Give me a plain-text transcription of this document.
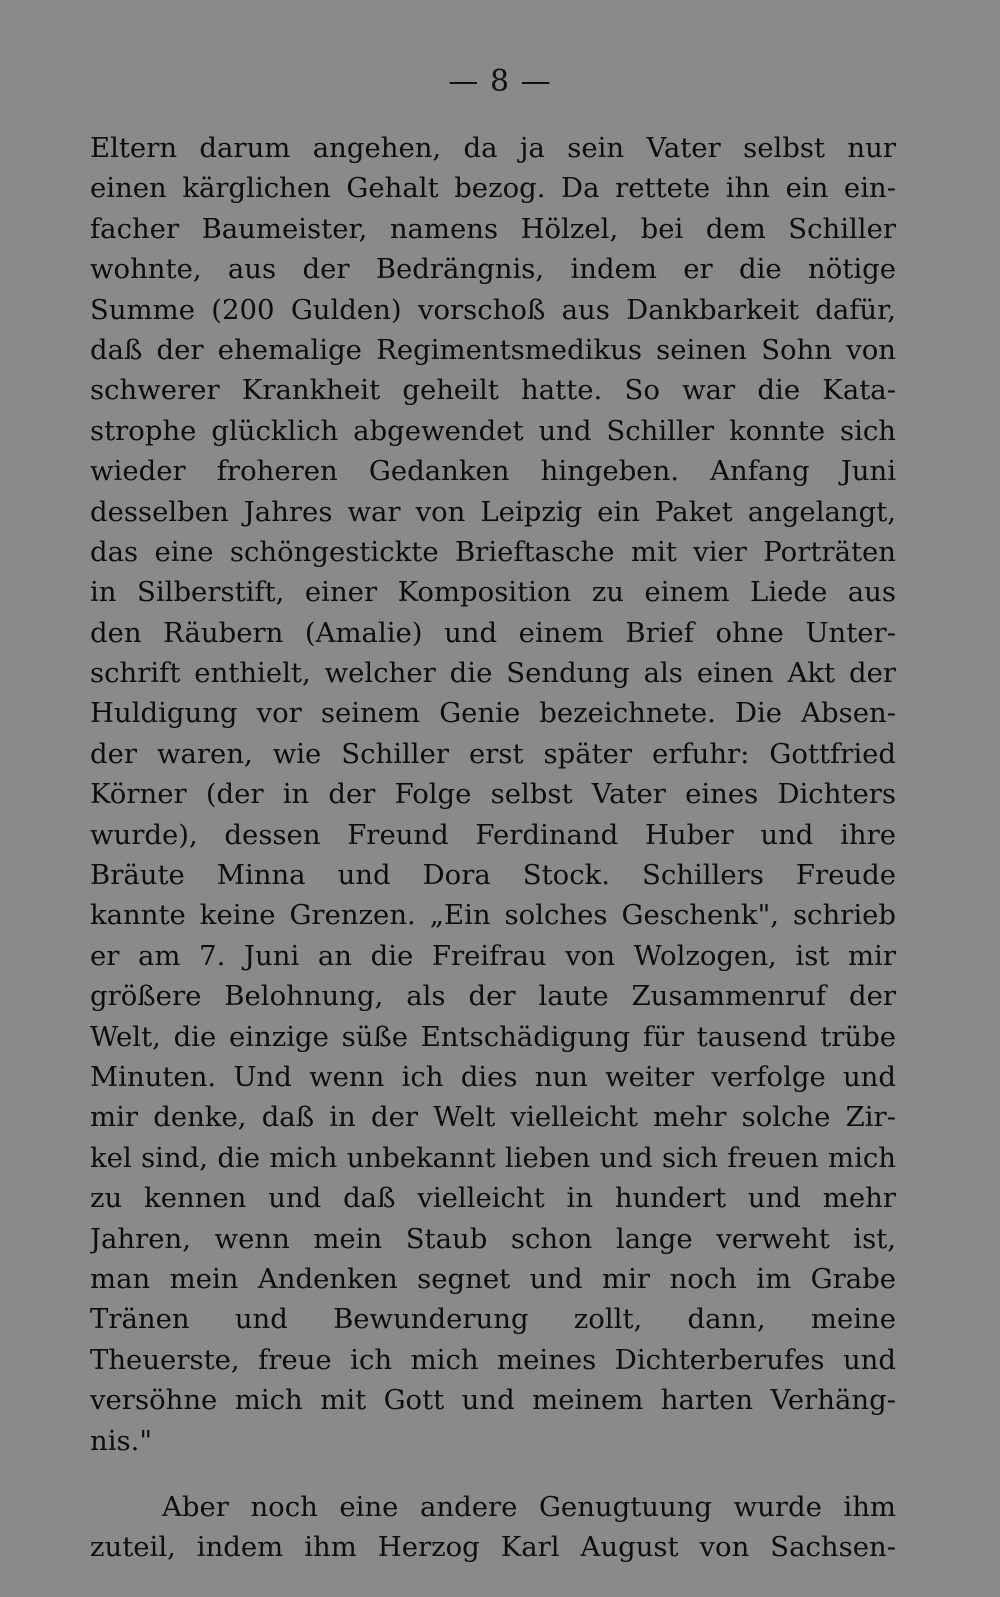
— 8 —
Eltern darum angehen, da ja sein Vater selbst nur
einen kärglichen Gehalt bezog. Da rettete ihn ein ein-
facher Baumeister, namens Hölzel, bei dem Schiller
wohnte, aus der Bedrängnis, indem er die nötige
Summe (200 Gulden) vorschoß aus Dankbarkeit dafür,
daß der ehemalige Regimentsmedikus seinen Sohn von
schwerer Krankheit geheilt hatte. So war die Kata-
strophe glücklich abgewendet und Schiller konnte sich
wieder froheren Gedanken hingeben. Anfang Juni
desselben Jahres war von Leipzig ein Paket angelangt,
das eine schöngestickte Brieftasche mit vier Porträten
in Silberstift, einer Komposition zu einem Liede aus
den Räubern (Amalie) und einem Brief ohne Unter-
schrift enthielt, welcher die Sendung als einen Akt der
Huldigung vor seinem Genie bezeichnete. Die Absen-
der waren, wie Schiller erst später erfuhr: Gottfried
Körner (der in der Folge selbst Vater eines Dichters
wurde), dessen Freund Ferdinand Huber und ihre
Bräute Minna und Dora Stock. Schillers Freude
kannte keine Grenzen. „Ein solches Geschenk", schrieb
er am 7. Juni an die Freifrau von Wolzogen, ist mir
größere Belohnung, als der laute Zusammenruf der
Welt, die einzige süße Entschädigung für tausend trübe
Minuten. Und wenn ich dies nun weiter verfolge und
mir denke, daß in der Welt vielleicht mehr solche Zir-
kel sind, die mich unbekannt lieben und sich freuen mich
zu kennen und daß vielleicht in hundert und mehr
Jahren, wenn mein Staub schon lange verweht ist,
man mein Andenken segnet und mir noch im Grabe
Tränen und Bewunderung zollt, dann, meine
Theuerste, freue ich mich meines Dichterberufes und
versöhne mich mit Gott und meinem harten Verhäng-
nis."
Aber noch eine andere Genugtuung wurde ihm
zuteil, indem ihm Herzog Karl August von Sachsen-
